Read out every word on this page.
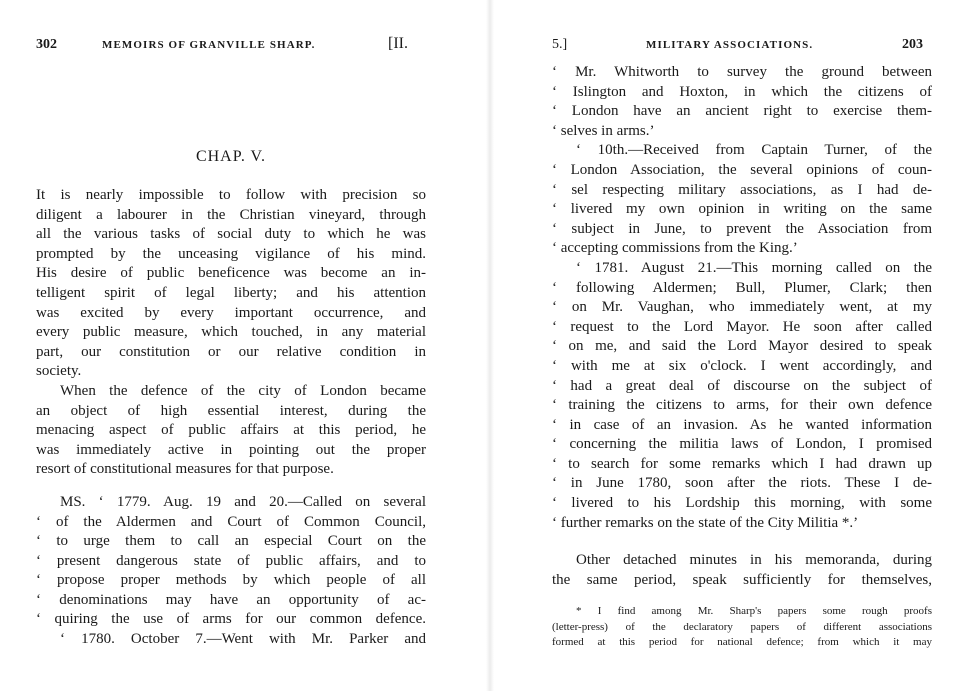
302	MEMOIRS OF GRANVILLE SHARP.	[II.
CHAP. V.
It is nearly impossible to follow with precision so
diligent a labourer in the Christian vineyard, through
all the various tasks of social duty to which he was
prompted by the unceasing vigilance of his mind.
His desire of public beneficence was become an in-
telligent spirit of legal liberty; and his attention
was excited by every important occurrence, and
every public measure, which touched, in any material
part, our constitution or our relative condition in
society.
When the defence of the city of London became
an object of high essential interest, during the
menacing aspect of public affairs at this period, he
was immediately active in pointing out the proper
resort of constitutional measures for that purpose.
MS. ‘ 1779. Aug. 19 and 20.—Called on several
‘ of the Aldermen and Court of Common Council,
‘ to urge them to call an especial Court on the
‘ present dangerous state of public affairs, and to
‘ propose proper methods by which people of all
‘ denominations may have an opportunity of ac-
‘ quiring the use of arms for our common defence.
‘ 1780. October 7.—Went with Mr. Parker and
5.]	MILITARY ASSOCIATIONS.	203
‘ Mr. Whitworth to survey the ground between
‘ Islington and Hoxton, in which the citizens of
‘ London have an ancient right to exercise them-
‘ selves in arms.’
‘ 10th.—Received from Captain Turner, of the
‘ London Association, the several opinions of coun-
‘ sel respecting military associations, as I had de-
‘ livered my own opinion in writing on the same
‘ subject in June, to prevent the Association from
‘ accepting commissions from the King.’
‘ 1781. August 21.—This morning called on the
‘ following Aldermen; Bull, Plumer, Clark; then
‘ on Mr. Vaughan, who immediately went, at my
‘ request to the Lord Mayor. He soon after called
‘ on me, and said the Lord Mayor desired to speak
‘ with me at six o'clock. I went accordingly, and
‘ had a great deal of discourse on the subject of
‘ training the citizens to arms, for their own defence
‘ in case of an invasion. As he wanted information
‘ concerning the militia laws of London, I promised
‘ to search for some remarks which I had drawn up
‘ in June 1780, soon after the riots. These I de-
‘ livered to his Lordship this morning, with some
‘ further remarks on the state of the City Militia *.’
Other detached minutes in his memoranda, during
the same period, speak sufficiently for themselves,
* I find among Mr. Sharp's papers some rough proofs
(letter-press) of the declaratory papers of different associations
formed at this period for national defence; from which it may
